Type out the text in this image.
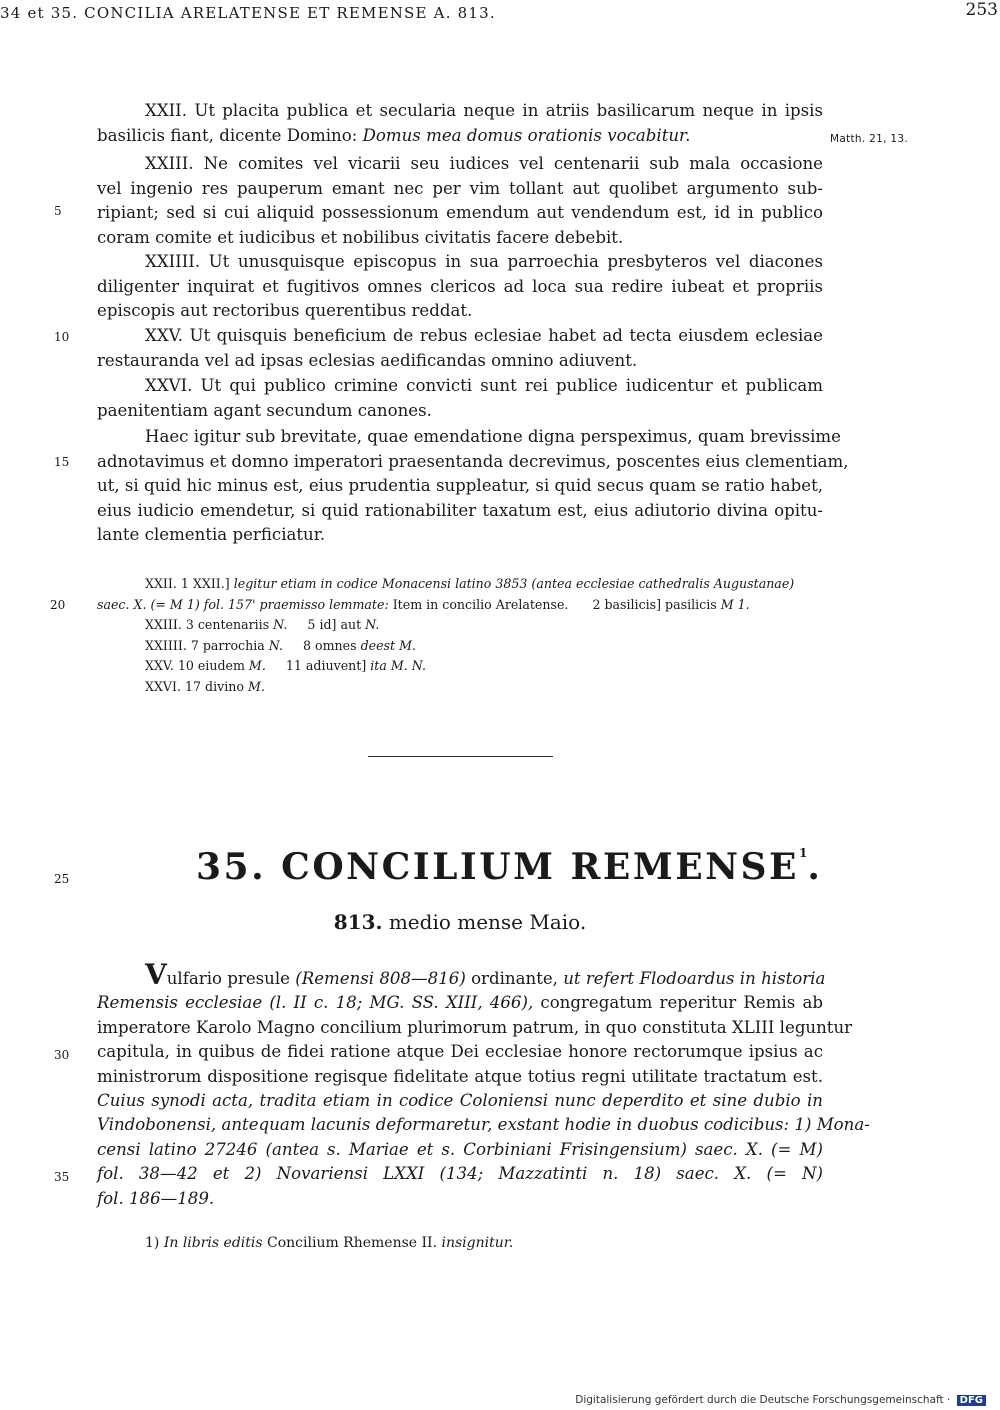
34 et 35. CONCILIA ARELATENSE ET REMENSE A. 813.	253
XXII. Ut placita publica et secularia neque in atriis basilicarum neque in ipsis
basilicis fiant, dicente Domino: Domus mea domus orationis vocabitur.	Matth. 21, 13.
XXIII. Ne comites vel vicarii seu iudices vel centenarii sub mala occasione
vel ingenio res pauperum emant nec per vim tollant aut quolibet argumento sub-
ripiant; sed si cui aliquid possessionum emendum aut vendendum est, id in publico
coram comite et iudicibus et nobilibus civitatis facere debebit.
5
XXIIII. Ut unusquisque episcopus in sua parroechia presbyteros vel diacones
diligenter inquirat et fugitivos omnes clericos ad loca sua redire iubeat et propriis
episcopis aut rectoribus querentibus reddat.
XXV. Ut quisquis beneficium de rebus eclesiae habet ad tecta eiusdem eclesiae
restauranda vel ad ipsas eclesias aedificandas omnino adiuvent.
10
XXVI. Ut qui publico crimine convicti sunt rei publice iudicentur et publicam
paenitentiam agant secundum canones.
Haec igitur sub brevitate, quae emendatione digna perspeximus, quam brevissime
adnotavimus et domno imperatori praesentanda decrevimus, poscentes eius clementiam,
ut, si quid hic minus est, eius prudentia suppleatur, si quid secus quam se ratio habet,
eius iudicio emendetur, si quid rationabiliter taxatum est, eius adiutorio divina opitu-
lante clementia perficiatur.
15
XXII. 1 XXII.] legitur etiam in codice Monacensi latino 3853 (antea ecclesiae cathedralis Augustanae)
saec. X. (= M 1) fol. 157' praemisso lemmate: Item in concilio Arelatense. 2 basilicis] pasilicis M 1.
XXIII. 3 centenariis N. 5 id] aut N.
XXIIII. 7 parrochia N. 8 omnes deest M.
XXV. 10 eiudem M. 11 adiuvent] ita M. N.
XXVI. 17 divino M.
20
35. CONCILIUM REMENSE$^1$.
25
813. medio mense Maio.
Vulfario presule (Remensi 808—816) ordinante, ut refert Flodoardus in historia
Remensis ecclesiae (l. II c. 18; MG. SS. XIII, 466), congregatum reperitur Remis ab
imperatore Karolo Magno concilium plurimorum patrum, in quo constituta XLIII leguntur
capitula, in quibus de fidei ratione atque Dei ecclesiae honore rectorumque ipsius ac
ministrorum dispositione regisque fidelitate atque totius regni utilitate tractatum est.
Cuius synodi acta, tradita etiam in codice Coloniensi nunc deperdito et sine dubio in
Vindobonensi, antequam lacunis deformaretur, exstant hodie in duobus codicibus: 1) Mona-
censi latino 27246 (antea s. Mariae et s. Corbiniani Frisingensium) saec. X. (= M)
fol. 38—42 et 2) Novariensi LXXI (134; Mazzatinti n. 18) saec. X. (= N)
fol. 186—189.
30
35
1) In libris editis Concilium Rhemense II. insignitur.
Digitalisierung gefördert durch die Deutsche Forschungsgemeinschaft · DFG
